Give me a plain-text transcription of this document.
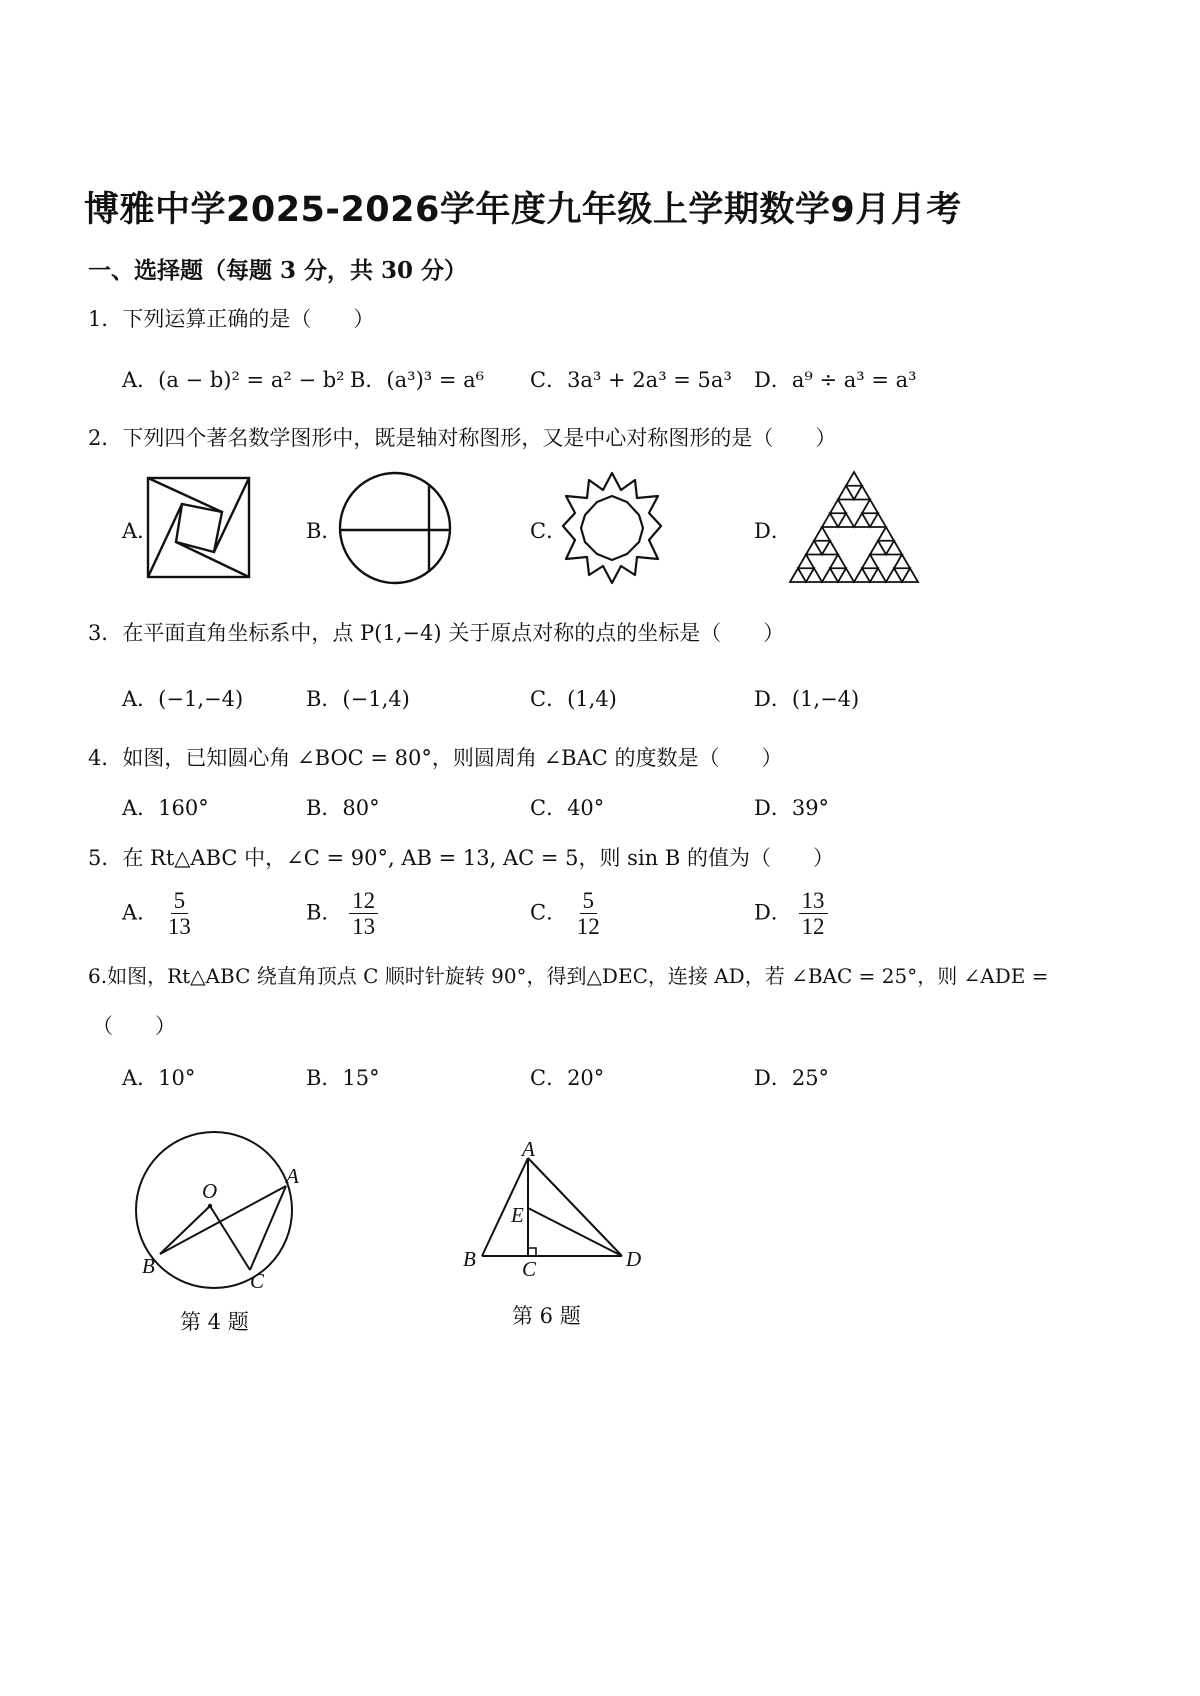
博雅中学2025-2026学年度九年级上学期数学9月月考
一、选择题（每题 3 分，共 30 分）
1．下列运算正确的是（　　）
A．(a − b)² = a² − b² B．(a³)³ = a⁶ C．3a³ + 2a³ = 5a³ D．a⁹ ÷ a³ = a³
2．下列四个著名数学图形中，既是轴对称图形，又是中心对称图形的是（　　）
A．	B．	C．	D．
3．在平面直角坐标系中，点 P(1,−4) 关于原点对称的点的坐标是（　　）
A．(−1,−4)	B．(−1,4)	C．(1,4)	D．(1,−4)
4．如图，已知圆心角 ∠BOC = 80°，则圆周角 ∠BAC 的度数是（　　）
A．160°	B．80°	C．40°	D．39°
5．在 Rt△ABC 中，∠C = 90°, AB = 13, AC = 5，则 sin B 的值为（　　）
A． $\frac{5}{13}$	B． $\frac{12}{13}$	C． $\frac{5}{12}$	D． $\frac{13}{12}$
6.如图，Rt△ABC 绕直角顶点 C 顺时针旋转 90°，得到△DEC，连接 AD，若 ∠BAC = 25°，则 ∠ADE =
（　　）
A．10°	B．15°	C．20°	D．25°
O
A
B
C
第 4 题
A
E
B C	D
第 6 题
